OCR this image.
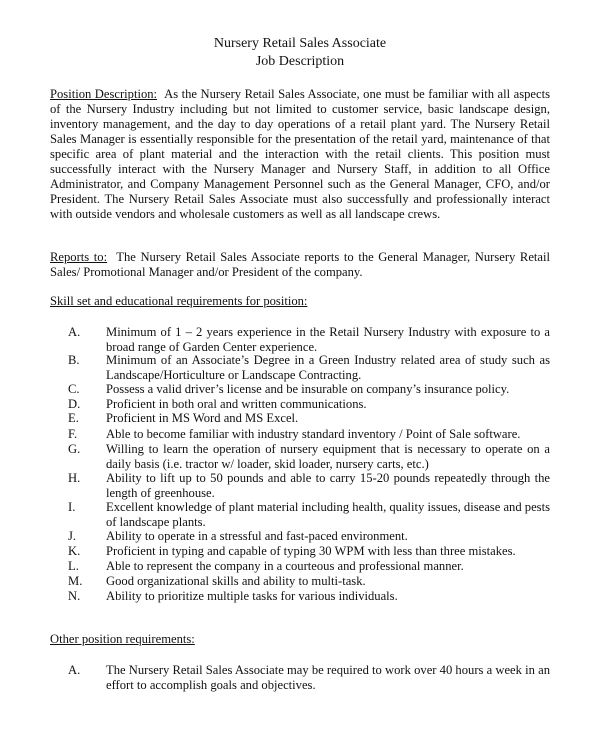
Nursery Retail Sales Associate
Job Description
Position Description: As the Nursery Retail Sales Associate, one must be familiar with all aspects of the Nursery Industry including but not limited to customer service, basic landscape design, inventory management, and the day to day operations of a retail plant yard. The Nursery Retail Sales Manager is essentially responsible for the presentation of the retail yard, maintenance of that specific area of plant material and the interaction with the retail clients. This position must successfully interact with the Nursery Manager and Nursery Staff, in addition to all Office Administrator, and Company Management Personnel such as the General Manager, CFO, and/or President. The Nursery Retail Sales Associate must also successfully and professionally interact with outside vendors and wholesale customers as well as all landscape crews.
Reports to: The Nursery Retail Sales Associate reports to the General Manager, Nursery Retail Sales/ Promotional Manager and/or President of the company.
Skill set and educational requirements for position:
A. Minimum of 1 – 2 years experience in the Retail Nursery Industry with exposure to a broad range of Garden Center experience.
B. Minimum of an Associate’s Degree in a Green Industry related area of study such as Landscape/Horticulture or Landscape Contracting.
C. Possess a valid driver’s license and be insurable on company’s insurance policy.
D. Proficient in both oral and written communications.
E. Proficient in MS Word and MS Excel.
F. Able to become familiar with industry standard inventory / Point of Sale software.
G. Willing to learn the operation of nursery equipment that is necessary to operate on a daily basis (i.e. tractor w/ loader, skid loader, nursery carts, etc.)
H. Ability to lift up to 50 pounds and able to carry 15-20 pounds repeatedly through the length of greenhouse.
I. Excellent knowledge of plant material including health, quality issues, disease and pests of landscape plants.
J. Ability to operate in a stressful and fast-paced environment.
K. Proficient in typing and capable of typing 30 WPM with less than three mistakes.
L. Able to represent the company in a courteous and professional manner.
M. Good organizational skills and ability to multi-task.
N. Ability to prioritize multiple tasks for various individuals.
Other position requirements:
A. The Nursery Retail Sales Associate may be required to work over 40 hours a week in an effort to accomplish goals and objectives.
